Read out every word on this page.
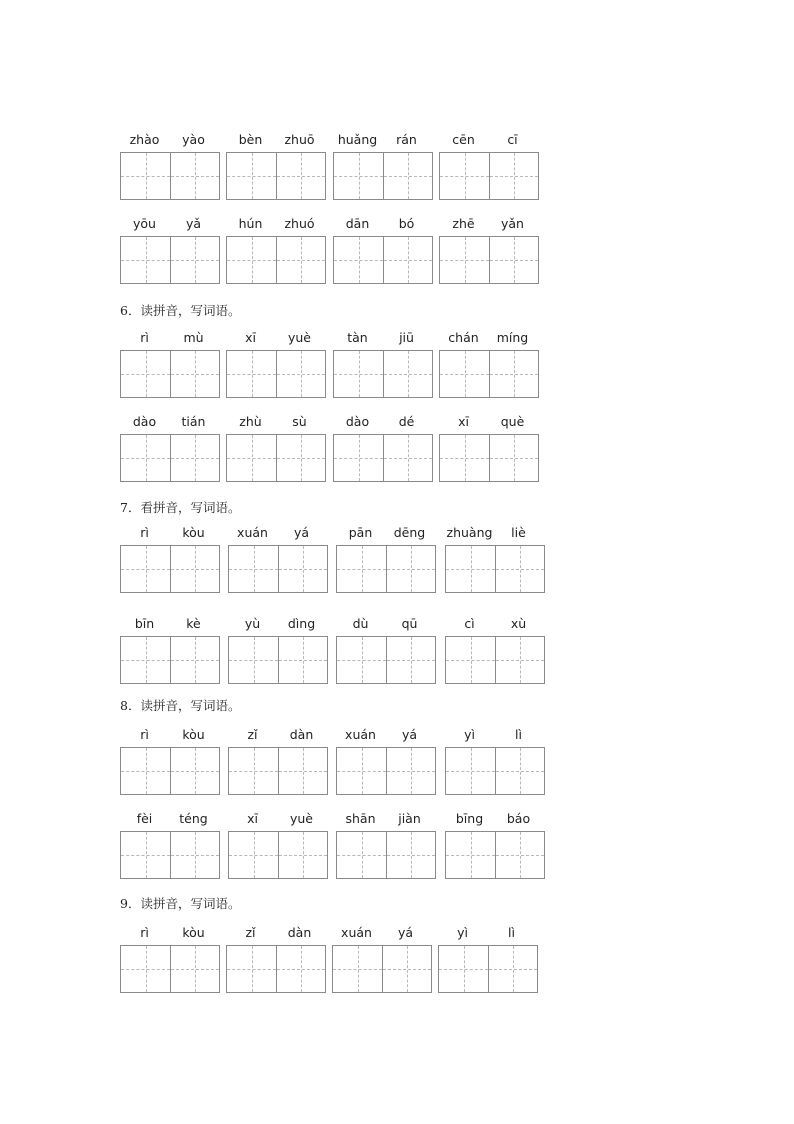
zhào	yào	bèn	zhuō	huǎng	rán	cēn	cī
yōu	yǎ	hún	zhuó	dān	bó	zhē	yǎn
6．读拼音，写词语。
rì	mù	xī	yuè	tàn	jiū	chán	míng
dào	tián	zhù	sù	dào	dé	xī	què
7．看拼音，写词语。
rì	kòu	xuán	yá	pān	dēng	zhuàng	liè
bīn	kè	yù	dìng	dù	qū	cì	xù
8．读拼音，写词语。
rì	kòu	zǐ	dàn	xuán	yá	yì	lì
fèi	téng	xī	yuè	shān	jiàn	bīng	báo
9．读拼音，写词语。
rì	kòu	zǐ	dàn	xuán	yá	yì	lì
